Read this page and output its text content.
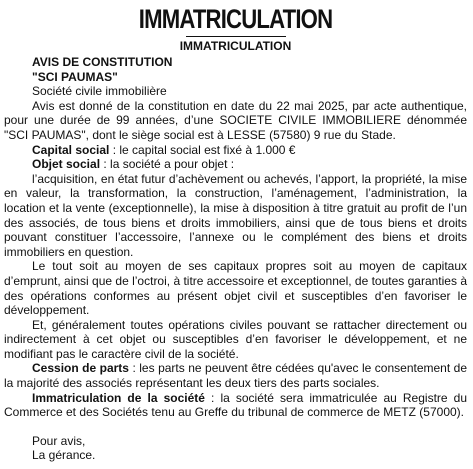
IMMATRICULATION
IMMATRICULATION

AVIS DE CONSTITUTION

"SCI PAUMAS"

Société civile immobilière

Avis est donné de la constitution en date du 22 mai 2025, par acte authentique, pour une durée de 99 années, d’une SOCIETE CIVILE IMMOBILIERE dénommée "SCI PAUMAS", dont le siège social est à LESSE (57580) 9 rue du Stade.

Capital social : le capital social est fixé à 1.000 €

Objet social : la société a pour objet :

l’acquisition, en état futur d’achèvement ou achevés, l’apport, la propriété, la mise en valeur, la transformation, la construction, l’aménagement, l’administration, la location et la vente (exceptionnelle), la mise à disposition à titre gratuit au profit de l’un des associés, de tous biens et droits immobiliers, ainsi que de tous biens et droits pouvant constituer l’accessoire, l’annexe ou le complément des biens et droits immobiliers en question.

Le tout soit au moyen de ses capitaux propres soit au moyen de capitaux d’emprunt, ainsi que de l’octroi, à titre accessoire et exceptionnel, de toutes garanties à des opérations conformes au présent objet civil et susceptibles d’en favoriser le développement.

Et, généralement toutes opérations civiles pouvant se rattacher directement ou indirectement à cet objet ou susceptibles d’en favoriser le développement, et ne modifiant pas le caractère civil de la société.

Cession de parts : les parts ne peuvent être cédées qu'avec le consentement de la majorité des associés représentant les deux tiers des parts sociales.

Immatriculation de la société : la société sera immatriculée au Registre du Commerce et des Sociétés tenu au Greffe du tribunal de commerce de METZ (57000).

Pour avis,

La gérance.
